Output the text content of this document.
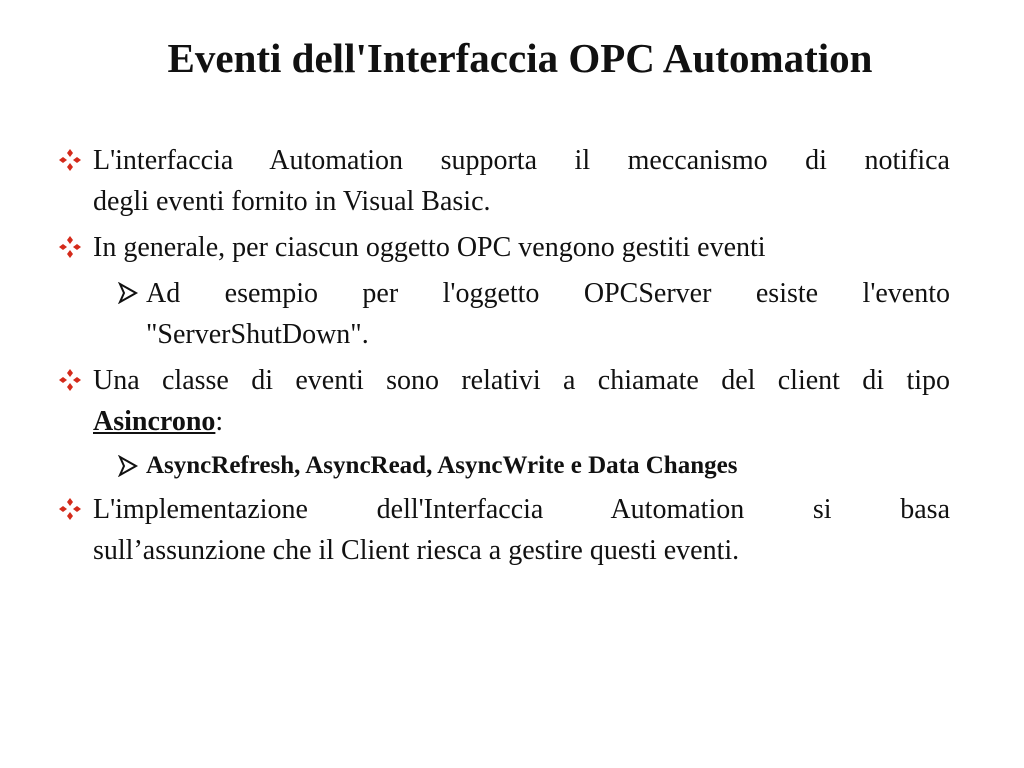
Eventi dell'Interfaccia OPC Automation
L'interfaccia Automation supporta il meccanismo di notifica
degli eventi fornito in Visual Basic.
In generale, per ciascun oggetto OPC vengono gestiti eventi
Ad esempio per l'oggetto OPCServer esiste l'evento
"ServerShutDown".
Una classe di eventi sono relativi a chiamate del client di tipo
Asincrono:
AsyncRefresh, AsyncRead, AsyncWrite e Data Changes
L'implementazione dell'Interfaccia Automation si basa
sull’assunzione che il Client riesca a gestire questi eventi.
